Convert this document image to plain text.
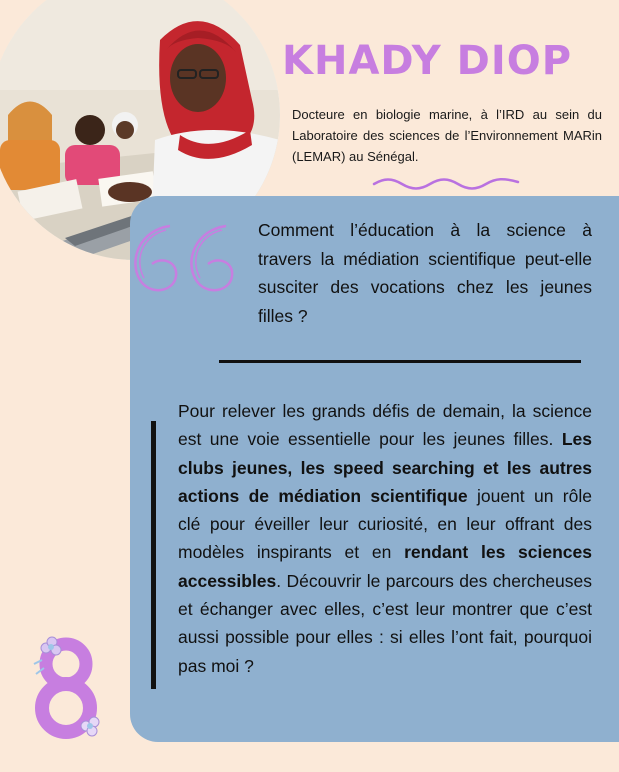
KHADY DIOP
Docteure en biologie marine, à l’IRD au sein du Laboratoire des sciences de l’Environnement MARin (LEMAR) au Sénégal.

Comment l’éducation à la science à travers la médiation scientifique peut-elle susciter des vocations chez les jeunes filles ?

Pour relever les grands défis de demain, la science est une voie essentielle pour les jeunes filles. Les clubs jeunes, les speed searching et les autres actions de médiation scientifique jouent un rôle clé pour éveiller leur curiosité, en leur offrant des modèles inspirants et en rendant les sciences accessibles. Découvrir le parcours des chercheuses et échanger avec elles, c’est leur montrer que c’est aussi possible pour elles : si elles l’ont fait, pourquoi pas moi ?
